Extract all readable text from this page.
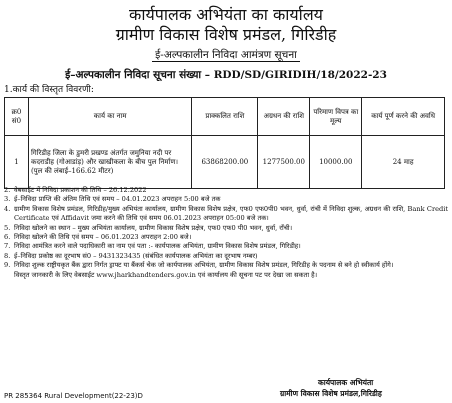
कार्यपालक अभियंता का कार्यालय
ग्रामीण विकास विशेष प्रमंडल, गिरिडीह
ई-अल्पकालीन निविदा आमंत्रण सूचना
ई–अल्पकालीन निविदा सूचना संख्या – RDD/SD/GIRIDIH/18/2022-23
1.कार्य की विस्तृत विवरणी:
क्र0 सं0	कार्य का नाम	प्राक्कलित राशि	अग्रधन की राशि	परिमाण विपत्र का मूल्य	कार्य पूर्ण करने की अवधि
1	गिरिडीह जिला के डुमरी प्रखण्ड अंतर्गत जमुनिया नदी पर कदराडीह (गोआडांड़) और खाखीकला के बीच पुल निर्माण। (पुल की लंबाई–166.62 मीटर)	63868200.00	1277500.00	10000.00	24 माह
2. वेबसाईट में निविदा प्रकाशन की तिथि – 26.12.2022
3. ई–निविदा प्राप्ति की अंतिम तिथि एवं समय – 04.01.2023 अपराहन 5:00 बजे तक
4. ग्रामीण विकास विशेष प्रमंडल, गिरिडीह/मुख्य अभियंता कार्यालय, ग्रामीण विकास विशेष प्रक्षेत्र, एफ0 एफ0पी0 भवन, धुर्वा, रांची में निविदा शुल्क, अग्रधन की राशि, Bank Credit Certificate एवं Affidavit जमा करने की तिथि एवं समय 06.01.2023 अपराहन 05:00 बजे तक।
5. निविदा खोलने का स्थान – मुख्य अभियंता कार्यालय, ग्रामीण विकास विशेष प्रक्षेत्र, एफ0 एफ0 पी0 भवन, धुर्वा, राँची।
6. निविदा खोलने की तिथि एवं समय – 06.01.2023 अपराहन 2:00 बजे।
7. निविदा आमंत्रित करने वाले पदाधिकारी का नाम एवं पता :- कार्यपालक अभियंता, ग्रामीण विकास विशेष प्रमंडल, गिरिडीह।
8. ई–निविदा प्रकोष्ठ का दूरभाष सं0 – 9431323435 (संबंधित कार्यपालक अभियंता का दूरभाष नम्बर)
9. निविदा शुल्क राष्ट्रीयकृत बैंक द्वारा निर्गत ड्राफ्ट या बैंकर्स चेक जो कार्यपालक अभियंता, ग्रामीण विकास विशेष प्रमंडल, गिरिडीह के पदनाम से बने हो स्वीकार्य होंगे।
विस्तृत जानकारी के लिए वेबसाईट www.jharkhandtenders.gov.in एवं कार्यालय की सूचना पट पर देखा जा सकता है।
कार्यपालक अभियंता
ग्रामीण विकास विशेष प्रमंडल,गिरिडीह
PR 285364 Rural Development(22-23)D
